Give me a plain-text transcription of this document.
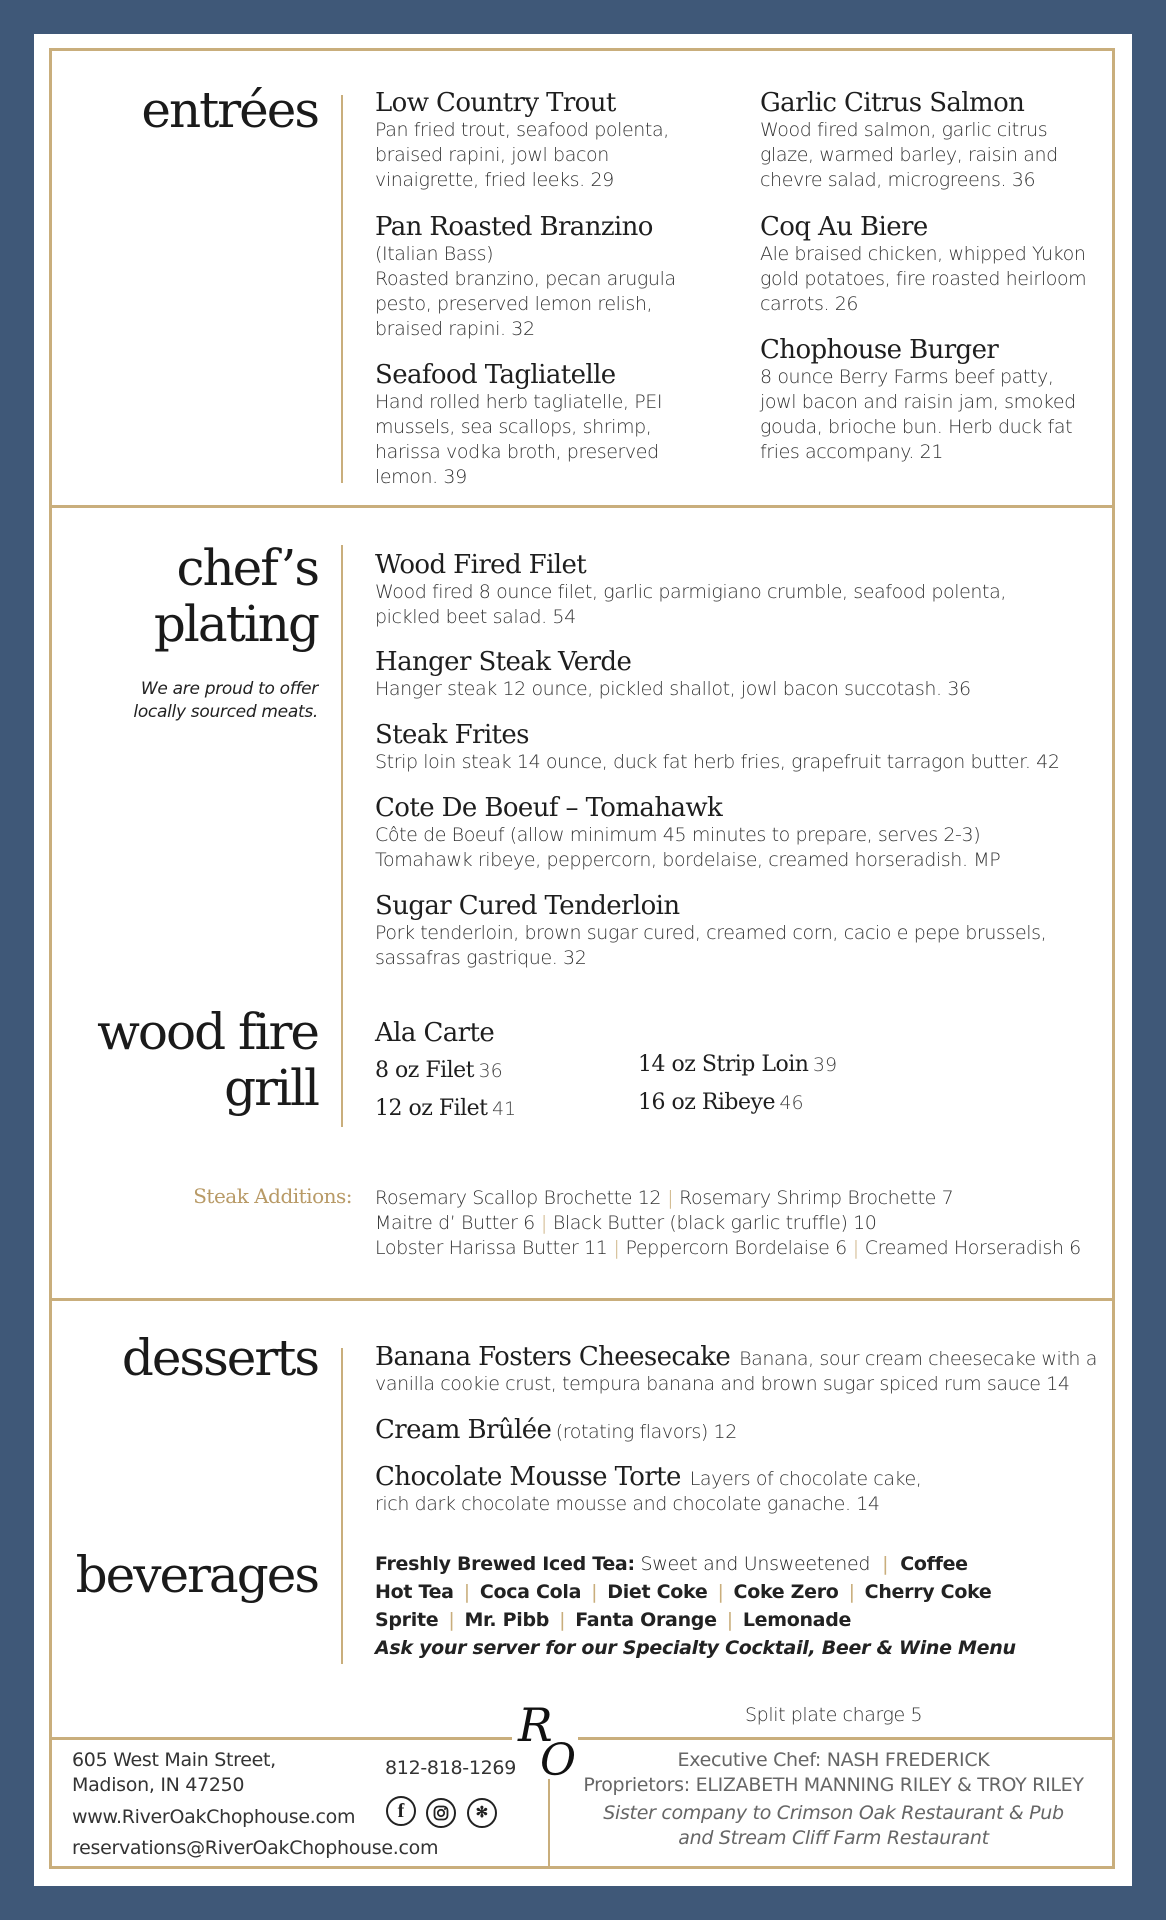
entrées Low Country Trout
Pan fried trout, seafood polenta, braised rapini, jowl bacon vinaigrette, fried leeks. 29
Pan Roasted Branzino
(Italian Bass)
Roasted branzino, pecan arugula pesto, preserved lemon relish, braised rapini. 32
Seafood Tagliatelle
Hand rolled herb tagliatelle, PEI mussels, sea scallops, shrimp, harissa vodka broth, preserved lemon. 39
Garlic Citrus Salmon
Wood fired salmon, garlic citrus glaze, warmed barley, raisin and chevre salad, microgreens. 36
Coq Au Biere
Ale braised chicken, whipped Yukon gold potatoes, fire roasted heirloom carrots. 26
Chophouse Burger
8 ounce Berry Farms beef patty, jowl bacon and raisin jam, smoked gouda, brioche bun. Herb duck fat fries accompany. 21
chef’s
plating
We are proud to offer
locally sourced meats.
Wood Fired Filet
Wood fired 8 ounce filet, garlic parmigiano crumble, seafood polenta, pickled beet salad. 54
Hanger Steak Verde
Hanger steak 12 ounce, pickled shallot, jowl bacon succotash. 36
Steak Frites
Strip loin steak 14 ounce, duck fat herb fries, grapefruit tarragon butter. 42
Cote De Boeuf – Tomahawk
Côte de Boeuf (allow minimum 45 minutes to prepare, serves 2-3) Tomahawk ribeye, peppercorn, bordelaise, creamed horseradish. MP
Sugar Cured Tenderloin
Pork tenderloin, brown sugar cured, creamed corn, cacio e pepe brussels, sassafras gastrique. 32
wood fire
grill
Ala Carte
8 oz Filet 36
12 oz Filet 41
14 oz Strip Loin 39
16 oz Ribeye 46
Steak Additions: Rosemary Scallop Brochette 12 | Rosemary Shrimp Brochette 7
Maitre d’ Butter 6 | Black Butter (black garlic truffle) 10
Lobster Harissa Butter 11 | Peppercorn Bordelaise 6 | Creamed Horseradish 6
desserts Banana Fosters Cheesecake Banana, sour cream cheesecake with a
vanilla cookie crust, tempura banana and brown sugar spiced rum sauce 14
Cream Brûlée (rotating flavors) 12
Chocolate Mousse Torte Layers of chocolate cake,
rich dark chocolate mousse and chocolate ganache. 14
beverages	Freshly Brewed Iced Tea: Sweet and Unsweetened | Coffee
Hot Tea | Coca Cola | Diet Coke | Coke Zero | Cherry Coke
Sprite | Mr. Pibb | Fanta Orange | Lemonade
Ask your server for our Specialty Cocktail, Beer & Wine Menu
Split plate charge 5
R
O
605 West Main Street,
Madison, IN 47250
812-818-1269
www.RiverOakChophouse.com
reservations@RiverOakChophouse.com
f	✻
Executive Chef: NASH FREDERICK
Proprietors: ELIZABETH MANNING RILEY & TROY RILEY
Sister company to Crimson Oak Restaurant & Pub
and Stream Cliff Farm Restaurant
